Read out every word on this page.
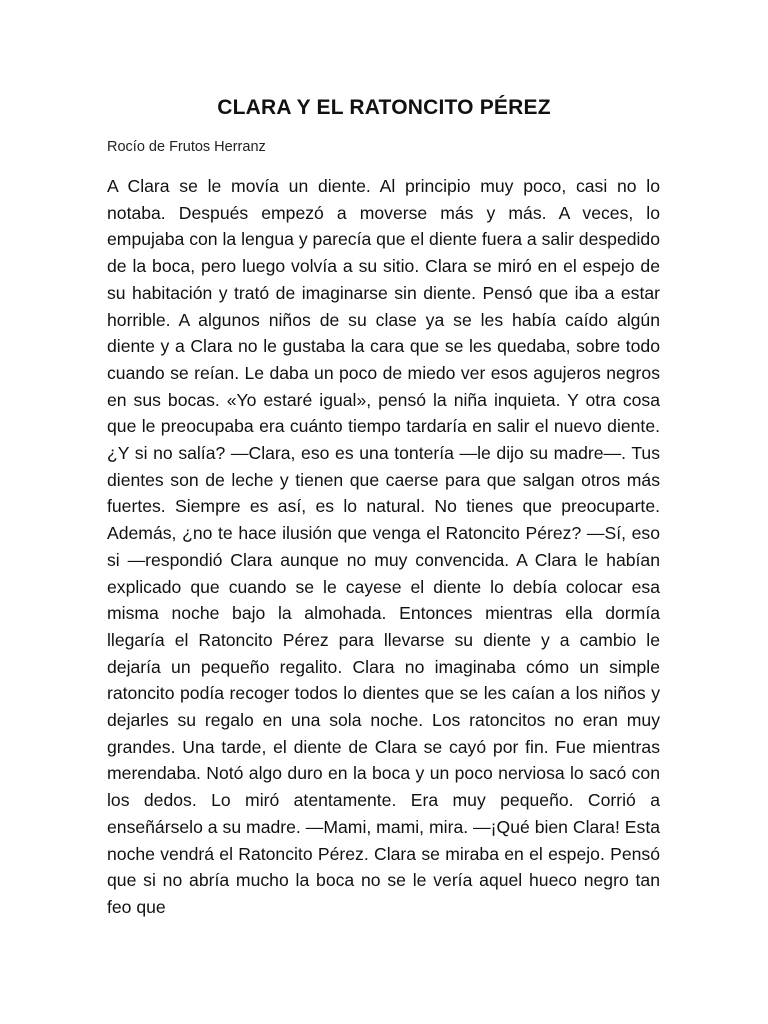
CLARA Y EL RATONCITO PÉREZ
Rocío de Frutos Herranz

A Clara se le movía un diente. Al principio muy poco, casi no lo notaba. Después empezó a moverse más y más. A veces, lo empujaba con la lengua y parecía que el diente fuera a salir despedido de la boca, pero luego volvía a su sitio. Clara se miró en el espejo de su habitación y trató de imaginarse sin diente. Pensó que iba a estar horrible. A algunos niños de su clase ya se les había caído algún diente y a Clara no le gustaba la cara que se les quedaba, sobre todo cuando se reían. Le daba un poco de miedo ver esos agujeros negros en sus bocas. «Yo estaré igual», pensó la niña inquieta. Y otra cosa que le preocupaba era cuánto tiempo tardaría en salir el nuevo diente. ¿Y si no salía? —Clara, eso es una tontería —le dijo su madre—. Tus dientes son de leche y tienen que caerse para que salgan otros más fuertes. Siempre es así, es lo natural. No tienes que preocuparte. Además, ¿no te hace ilusión que venga el Ratoncito Pérez? —Sí, eso si —respondió Clara aunque no muy convencida. A Clara le habían explicado que cuando se le cayese el diente lo debía colocar esa misma noche bajo la almohada. Entonces mientras ella dormía llegaría el Ratoncito Pérez para llevarse su diente y a cambio le dejaría un pequeño regalito. Clara no imaginaba cómo un simple ratoncito podía recoger todos lo dientes que se les caían a los niños y dejarles su regalo en una sola noche. Los ratoncitos no eran muy grandes. Una tarde, el diente de Clara se cayó por fin. Fue mientras merendaba. Notó algo duro en la boca y un poco nerviosa lo sacó con los dedos. Lo miró atentamente. Era muy pequeño. Corrió a enseñárselo a su madre. —Mami, mami, mira. —¡Qué bien Clara! Esta noche vendrá el Ratoncito Pérez. Clara se miraba en el espejo. Pensó que si no abría mucho la boca no se le vería aquel hueco negro tan feo que
